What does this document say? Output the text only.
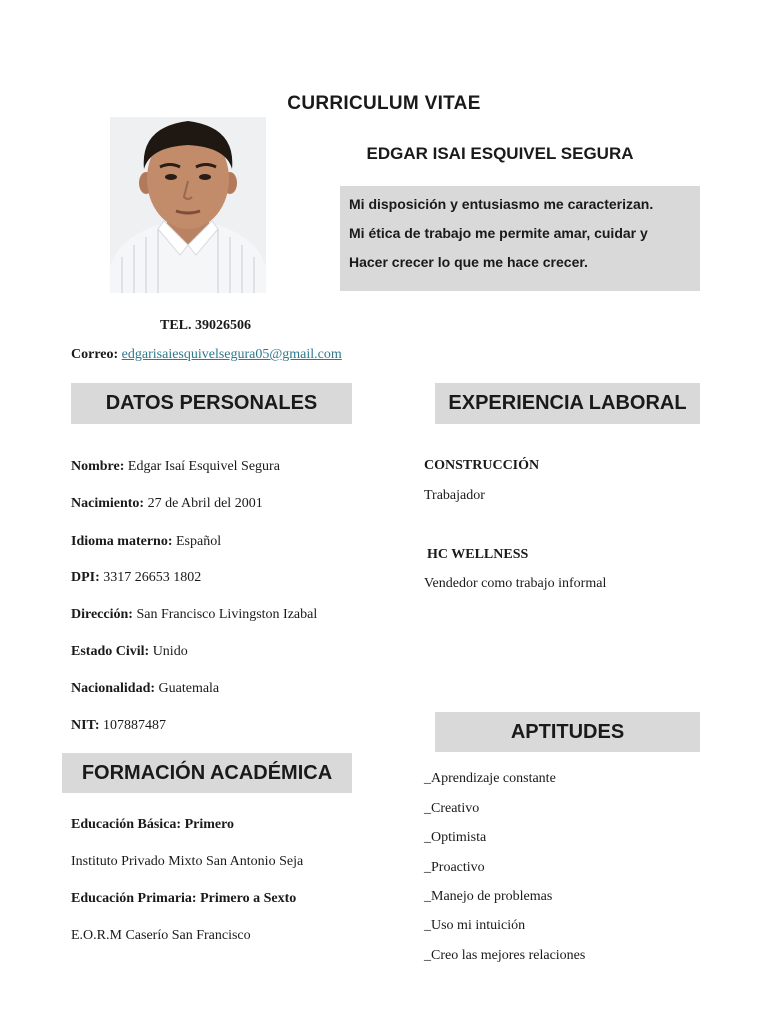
CURRICULUM VITAE
EDGAR ISAI ESQUIVEL SEGURA
Mi disposición y entusiasmo me caracterizan.
Mi ética de trabajo me permite amar, cuidar y
Hacer crecer lo que me hace crecer.
TEL. 39026506
Correo: edgarisaiesquivelsegura05@gmail.com
DATOS PERSONALES
Nombre: Edgar Isaí Esquivel Segura
Nacimiento: 27 de Abril del 2001
Idioma materno: Español
DPI: 3317 26653 1802
Dirección: San Francisco Livingston Izabal
Estado Civil: Unido
Nacionalidad: Guatemala
NIT: 107887487
EXPERIENCIA LABORAL
CONSTRUCCIÓN
Trabajador
HC WELLNESS
Vendedor como trabajo informal
APTITUDES
_Aprendizaje constante
_Creativo
_Optimista
_Proactivo
_Manejo de problemas
_Uso mi intuición
_Creo las mejores relaciones
FORMACIÓN ACADÉMICA
Educación Básica: Primero
Instituto Privado Mixto San Antonio Seja
Educación Primaria: Primero a Sexto
E.O.R.M Caserío San Francisco
